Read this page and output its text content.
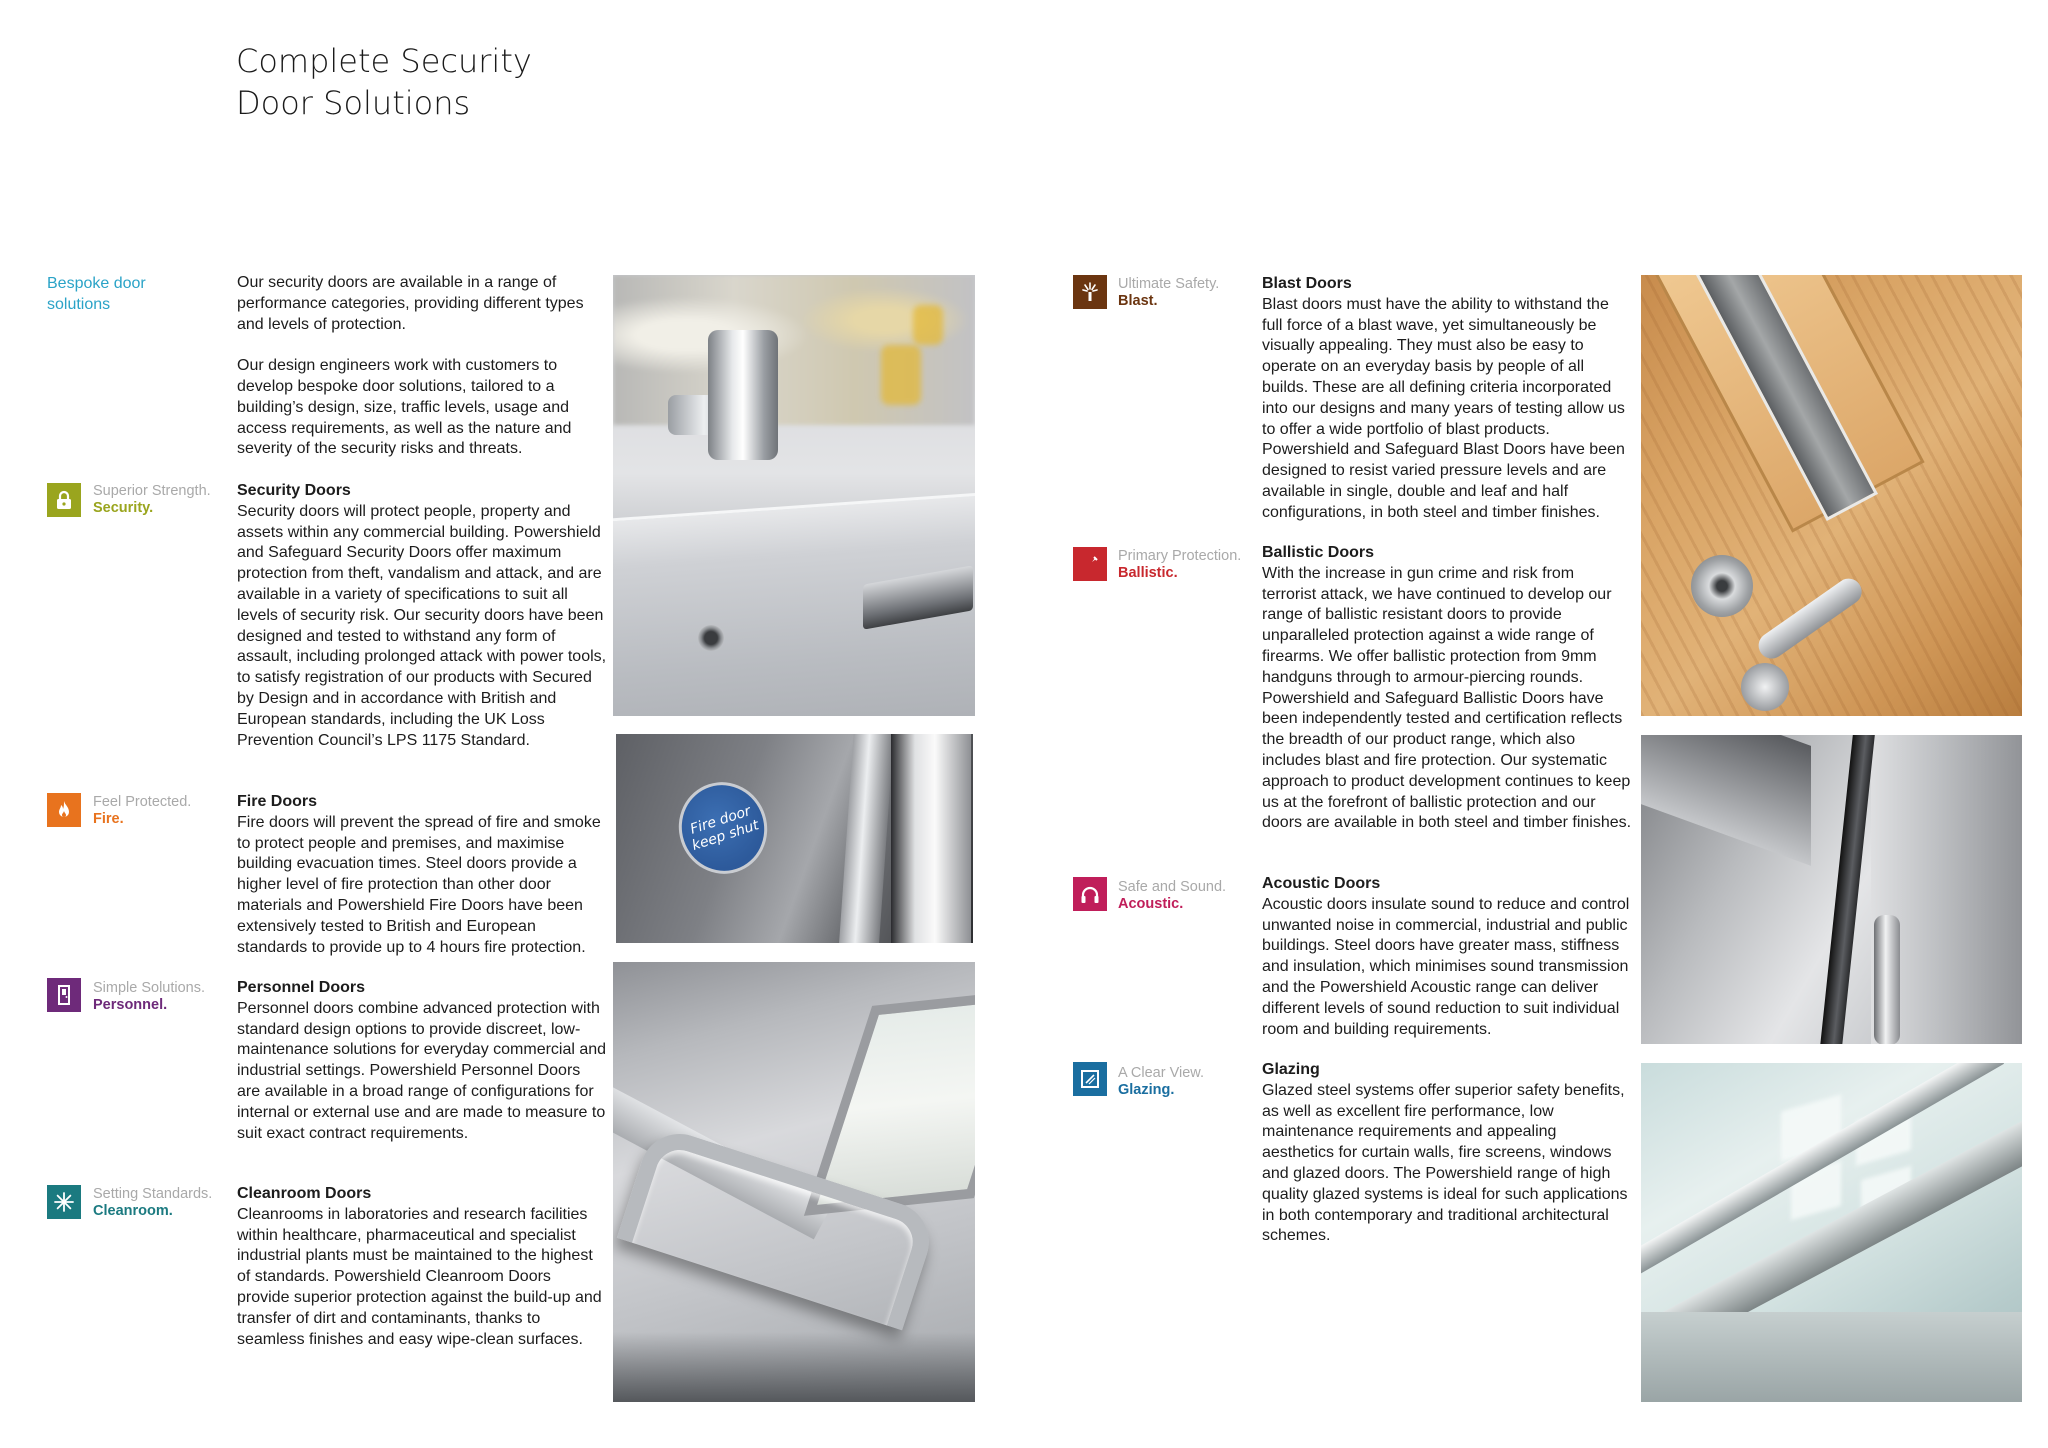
Complete Security
Door Solutions
Bespoke door solutions

Our security doors are available in a range of performance categories, providing different types and levels of protection.

Our design engineers work with customers to develop bespoke door solutions, tailored to a building’s design, size, traffic levels, usage and access requirements, as well as the nature and severity of the security risks and threats.

Superior Strength.
Security.
Security Doors

Security doors will protect people, property and assets within any commercial building. Powershield and Safeguard Security Doors offer maximum protection from theft, vandalism and attack, and are available in a variety of specifications to suit all levels of security risk. Our security doors have been designed and tested to withstand any form of assault, including prolonged attack with power tools, to satisfy registration of our products with Secured by Design and in accordance with British and European standards, including the UK Loss Prevention Council’s LPS 1175 Standard.

Feel Protected.
Fire.
Fire Doors

Fire doors will prevent the spread of fire and smoke to protect people and premises, and maximise building evacuation times. Steel doors provide a higher level of fire protection than other door materials and Powershield Fire Doors have been extensively tested to British and European standards to provide up to 4 hours fire protection.

Simple Solutions.
Personnel.
Personnel Doors

Personnel doors combine advanced protection with standard design options to provide discreet, low-maintenance solutions for everyday commercial and industrial settings. Powershield Personnel Doors are available in a broad range of configurations for internal or external use and are made to measure to suit exact contract requirements.

Setting Standards.
Cleanroom.
Cleanroom Doors

Cleanrooms in laboratories and research facilities within healthcare, pharmaceutical and specialist industrial plants must be maintained to the highest of standards. Powershield Cleanroom Doors provide superior protection against the build-up and transfer of dirt and contaminants, thanks to seamless finishes and easy wipe-clean surfaces.

Fire door keep shut
Ultimate Safety.
Blast.
Blast Doors

Blast doors must have the ability to withstand the full force of a blast wave, yet simultaneously be visually appealing. They must also be easy to operate on an everyday basis by people of all builds. These are all defining criteria incorporated into our designs and many years of testing allow us to offer a wide portfolio of blast products. Powershield and Safeguard Blast Doors have been designed to resist varied pressure levels and are available in single, double and leaf and half configurations, in both steel and timber finishes.

Primary Protection.
Ballistic.
Ballistic Doors

With the increase in gun crime and risk from terrorist attack, we have continued to develop our range of ballistic resistant doors to provide unparalleled protection against a wide range of firearms. We offer ballistic protection from 9mm handguns through to armour-piercing rounds. Powershield and Safeguard Ballistic Doors have been independently tested and certification reflects the breadth of our product range, which also includes blast and fire protection. Our systematic approach to product development continues to keep us at the forefront of ballistic protection and our doors are available in both steel and timber finishes.

Safe and Sound.
Acoustic.
Acoustic Doors

Acoustic doors insulate sound to reduce and control unwanted noise in commercial, industrial and public buildings. Steel doors have greater mass, stiffness and insulation, which minimises sound transmission and the Powershield Acoustic range can deliver different levels of sound reduction to suit individual room and building requirements.

A Clear View.
Glazing.
Glazing

Glazed steel systems offer superior safety benefits, as well as excellent fire performance, low maintenance requirements and appealing aesthetics for curtain walls, fire screens, windows and glazed doors. The Powershield range of high quality glazed systems is ideal for such applications in both contemporary and traditional architectural schemes.
